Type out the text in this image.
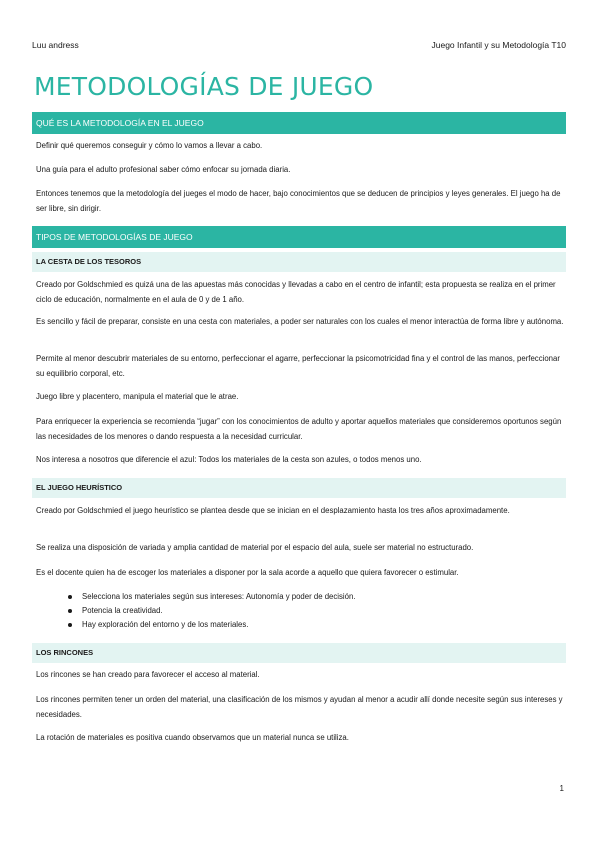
Luu andress	Juego Infantil y su Metodología T10
METODOLOGÍAS DE JUEGO
QUÉ ES LA METODOLOGÍA EN EL JUEGO
Definir qué queremos conseguir y cómo lo vamos a llevar a cabo.
Una guía para el adulto profesional saber cómo enfocar su jornada diaria.
Entonces tenemos que la metodología del jueges el modo de hacer, bajo conocimientos que se deducen de principios y leyes generales. El juego ha de ser libre, sin dirigir.
TIPOS DE METODOLOGÍAS DE JUEGO
LA CESTA DE LOS TESOROS
Creado por Goldschmied es quizá una de las apuestas más conocidas y llevadas a cabo en el centro de infantil; esta propuesta se realiza en el primer ciclo de educación, normalmente en el aula de 0 y de 1 año.
Es sencillo y fácil de preparar, consiste en una cesta con materiales, a poder ser naturales con los cuales el menor interactúa de forma libre y autónoma.
Permite al menor descubrir materiales de su entorno, perfeccionar el agarre, perfeccionar la psicomotricidad fina y el control de las manos, perfeccionar su equilibrio corporal, etc.
Juego libre y placentero, manipula el material que le atrae.
Para enriquecer la experiencia se recomienda “jugar” con los conocimientos de adulto y aportar aquellos materiales que consideremos oportunos según las necesidades de los menores o dando respuesta a la necesidad curricular.
Nos interesa a nosotros que diferencie el azul: Todos los materiales de la cesta son azules, o todos menos uno.
EL JUEGO HEURÍSTICO
Creado por Goldschmied el juego heurístico se plantea desde que se inician en el desplazamiento hasta los tres años aproximadamente.
Se realiza una disposición de variada y amplia cantidad de material por el espacio del aula, suele ser material no estructurado.
Es el docente quien ha de escoger los materiales a disponer por la sala acorde a aquello que quiera favorecer o estimular.
Selecciona los materiales según sus intereses: Autonomía y poder de decisión.
Potencia la creatividad.
Hay exploración del entorno y de los materiales.
LOS RINCONES
Los rincones se han creado para favorecer el acceso al material.
Los rincones permiten tener un orden del material, una clasificación de los mismos y ayudan al menor a acudir allí donde necesite según sus intereses y necesidades.
La rotación de materiales es positiva cuando observamos que un material nunca se utiliza.
1
